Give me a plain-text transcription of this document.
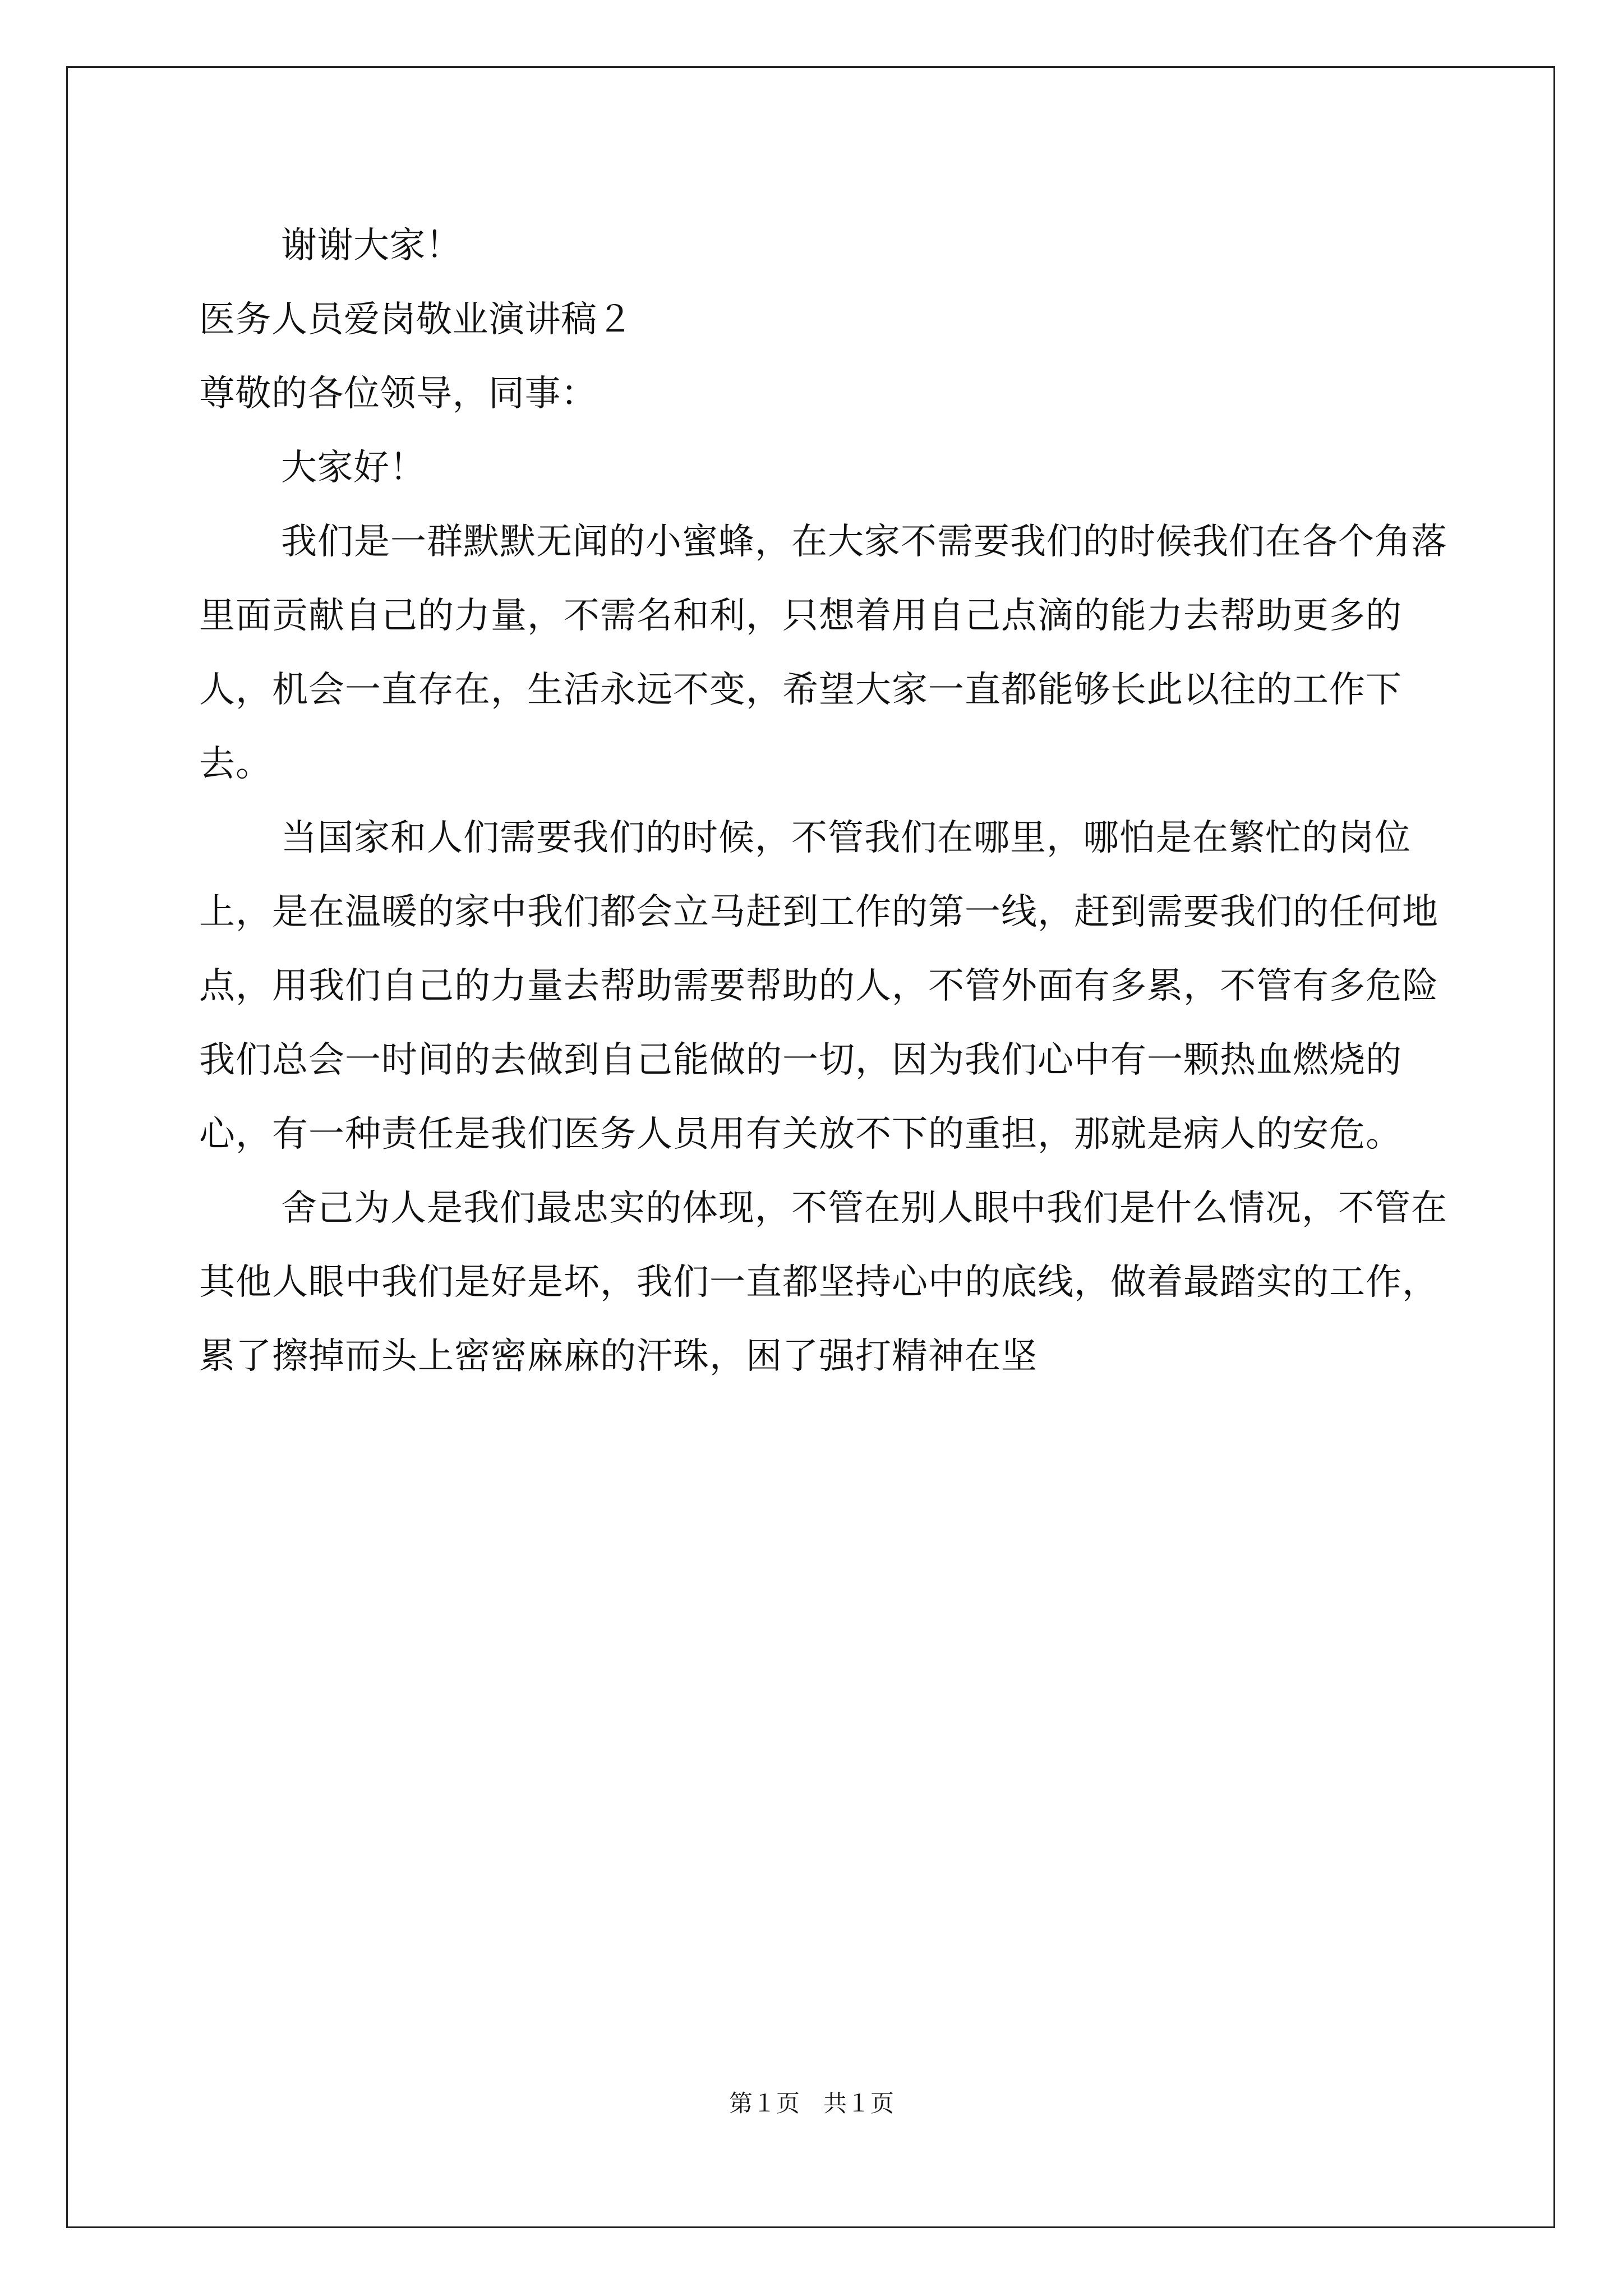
谢谢大家！
医务人员爱岗敬业演讲稿２
尊敬的各位领导，同事：
大家好！

我们是一群默默无闻的小蜜蜂，在大家不需要我们的时候我们在各个角落里面贡献自己的力量，不需名和利，只想着用自己点滴的能力去帮助更多的人，机会一直存在，生活永远不变，希望大家一直都能够长此以往的工作下去。

当国家和人们需要我们的时候，不管我们在哪里，哪怕是在繁忙的岗位上，是在温暖的家中我们都会立马赶到工作的第一线，赶到需要我们的任何地点，用我们自己的力量去帮助需要帮助的人，不管外面有多累，不管有多危险我们总会一时间的去做到自己能做的一切，因为我们心中有一颗热血燃烧的心，有一种责任是我们医务人员用有关放不下的重担，那就是病人的安危。

舍己为人是我们最忠实的体现，不管在别人眼中我们是什么情况，不管在其他人眼中我们是好是坏，我们一直都坚持心中的底线，做着最踏实的工作，累了擦掉而头上密密麻麻的汗珠，困了强打精神在坚

第１页　共１页
